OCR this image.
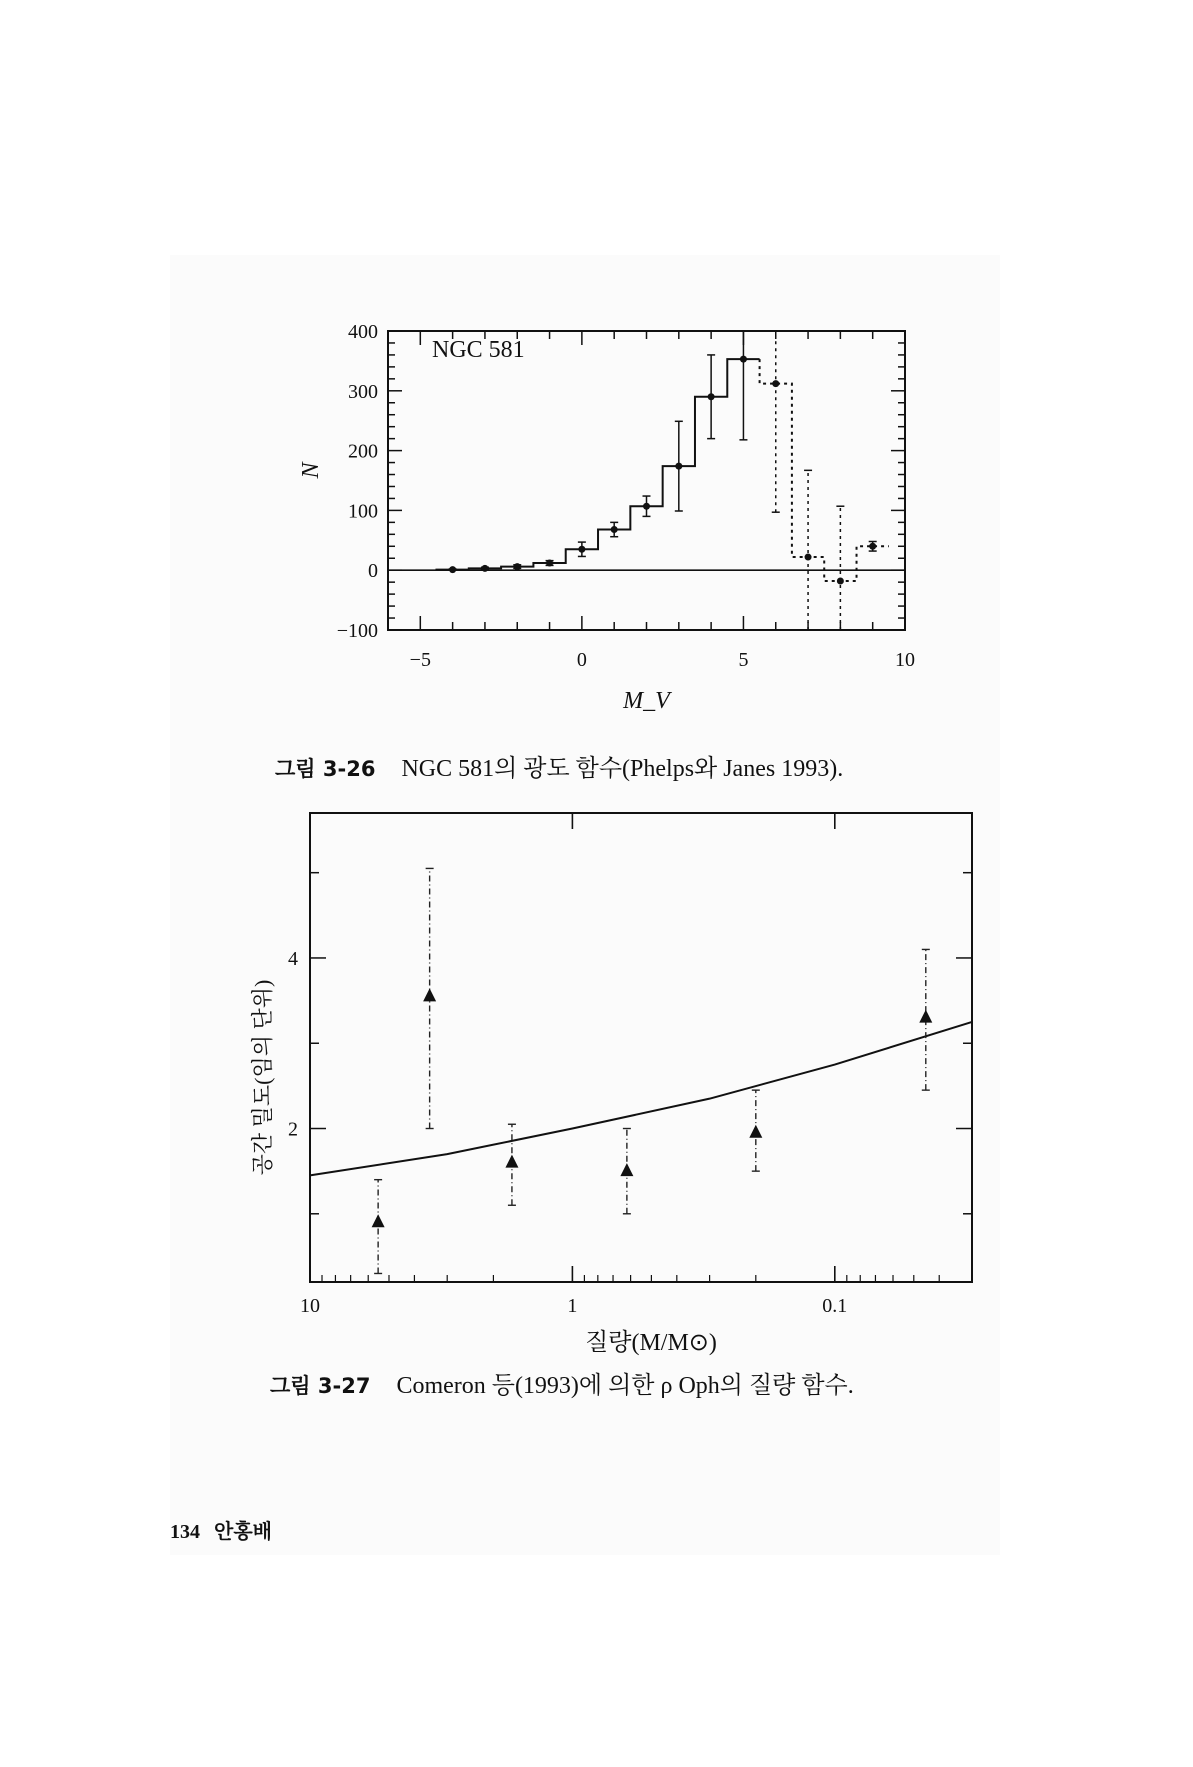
−5	0	5	10
400
300
200
100
0
−100
NGC 581
M_V
N
그림 3-26 NGC 581의 광도 함수(Phelps와 Janes 1993).
10	1	0.1
4
2
질량(M/M⊙)
공간 밀도(임의 단위)
그림 3-27 Comeron 등(1993)에 의한 ρ Oph의 질량 함수.
134 안홍배
